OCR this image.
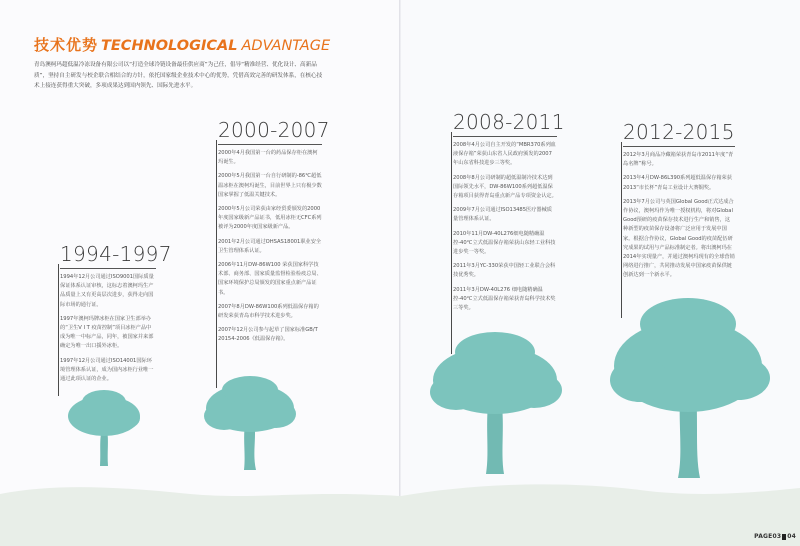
技术优势 TECHNOLOGICAL ADVANTAGE
青岛澳柯玛超低温冷冻设备有限公司以“打造全球冷链设备最佳供应商”为己任，倡导“精准经营、优化设计、高新品质”，坚持自主研发与校企联合相结合的方针，依托国家级企业技术中心的优势，凭借高效完善的研发体系，在核心技术上接连获得重大突破，多项成果达到国内领先、国际先进水平。
1994-1997
1994年12月公司通过ISO9001国际质量保证体系认证审核，这标志着澳柯玛生产品质量上又有更高层次进步，获得走向国际市场的通行证。
1997年澳柯玛牌冰柜在国家卫生部举办的“卫生V I T 疫苗控制”项目冰柜产品中成为唯一中标产品，同年，被国家并来部确定为唯一出口援外冰柜。
1997年12月公司通过ISO14001国际环境管理体系认证，成为国内冰柜行业唯一通过此项认证的企业。
2000-2007
2000年4月我国第一台的药品保存柜在澳柯玛诞生。
2000年5月我国第一台自行研制的-86℃超低温冰柜在澳柯玛诞生，目前世界上只有极少数国家掌握了低温关键技术。
2000年5月公司荣获由家经贸委颁发的2000年度国家级新产品证书，低用冰柜无CFC系列被评为2000年度国家级新产品。
2001年2月公司通过OHSAS18001职业安全卫生管理体系认证。
2006年11月DW-86W100 荣获国家科学技术部、商务部、国家质量监督检验检疫总局、国家环境保护总局颁发的国家重点新产品证书。
2007年8月DW-86W100系列低温保存箱的研发荣获青岛市科学技术进步奖。
2007年12月公司参与起草了国家标准GB/T 20154-2006《低温保存箱》。
2008-2011
2008年4月公司自主开发的“MBR370系列血液保存箱”荣获山东省人民政府颁发的2007年山东省科技进步三等奖。
2008年8月公司研制的超低温制冷技术达到国际领先水平，DW-86W100系列超低温保存箱项目获得青岛重点新产品专项资金认定。
2009年7月公司通过ISO13485医疗器械质量管理体系认证。
2010年11月DW-40L276细电随精确温控-40℃立式低温保存箱荣获山东轻工业科技进步奖一等奖。
2011年3月YC-330荣获中国轻工业联合会科技优秀奖。
2011年3月DW-40L276 细电随精确温控-40℃立式低温保存箱荣获青岛科学技术奖三等奖。
2012-2015
2012年3月商品冷藏箱荣获青岛市2011年度“青岛名牌”称号。
2013年4月DW-86L390系列超低温保存箱荣获2013“市长杯”青岛工业设计大赛铜奖。
2013年7月公司与英国Global Good正式达成合作协议，澳柯玛作为唯一授权机构，将对Global Good预研的疫苗保存技术进行生产和销售，这种新型的疫苗保存设备将广泛应用于发展中国家。根据合作协议，Global Good的疫苗配伍研究成果的试用与产品标准制定者。将出澳柯玛在2014年实现量产，并通过澳柯玛现有的全球营销网络进行推广，共同推动发展中国家疫苗保供链创新达到一个新水平。
PAGE03 04
